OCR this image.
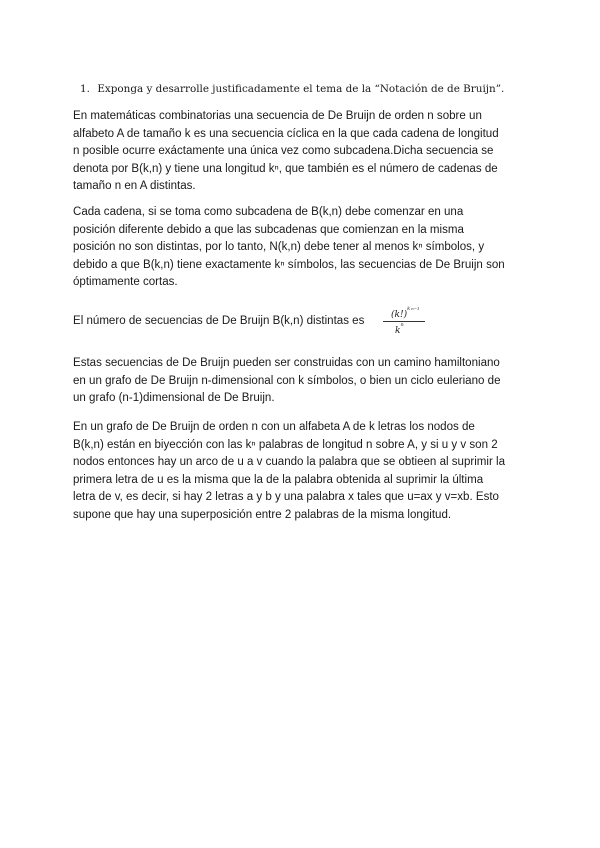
1. Exponga y desarrolle justificadamente el tema de la “Notación de de Bruijn”.
En matemáticas combinatorias una secuencia de De Bruijn de orden n sobre un
alfabeto A de tamaño k es una secuencia cíclica en la que cada cadena de longitud
n posible ocurre exáctamente una única vez como subcadena.Dicha secuencia se
denota por B(k,n) y tiene una longitud kⁿ, que también es el número de cadenas de
tamaño n en A distintas.
Cada cadena, si se toma como subcadena de B(k,n) debe comenzar en una
posición diferente debido a que las subcadenas que comienzan en la misma
posición no son distintas, por lo tanto, N(k,n) debe tener al menos kⁿ símbolos, y
debido a que B(k,n) tiene exactamente kⁿ símbolos, las secuencias de De Bruijn son
óptimamente cortas.
El número de secuencias de De Bruijn B(k,n) distintas es	$(k!)^{kn-1}$
$k^n$
Estas secuencias de De Bruijn pueden ser construidas con un camino hamiltoniano
en un grafo de De Bruijn n-dimensional con k símbolos, o bien un ciclo euleriano de
un grafo (n-1)dimensional de De Bruijn.
En un grafo de De Bruijn de orden n con un alfabeta A de k letras los nodos de
B(k,n) están en biyección con las kⁿ palabras de longitud n sobre A, y si u y v son 2
nodos entonces hay un arco de u a v cuando la palabra que se obtieen al suprimir la
primera letra de u es la misma que la de la palabra obtenida al suprimir la última
letra de v, es decir, si hay 2 letras a y b y una palabra x tales que u=ax y v=xb. Esto
supone que hay una superposición entre 2 palabras de la misma longitud.
